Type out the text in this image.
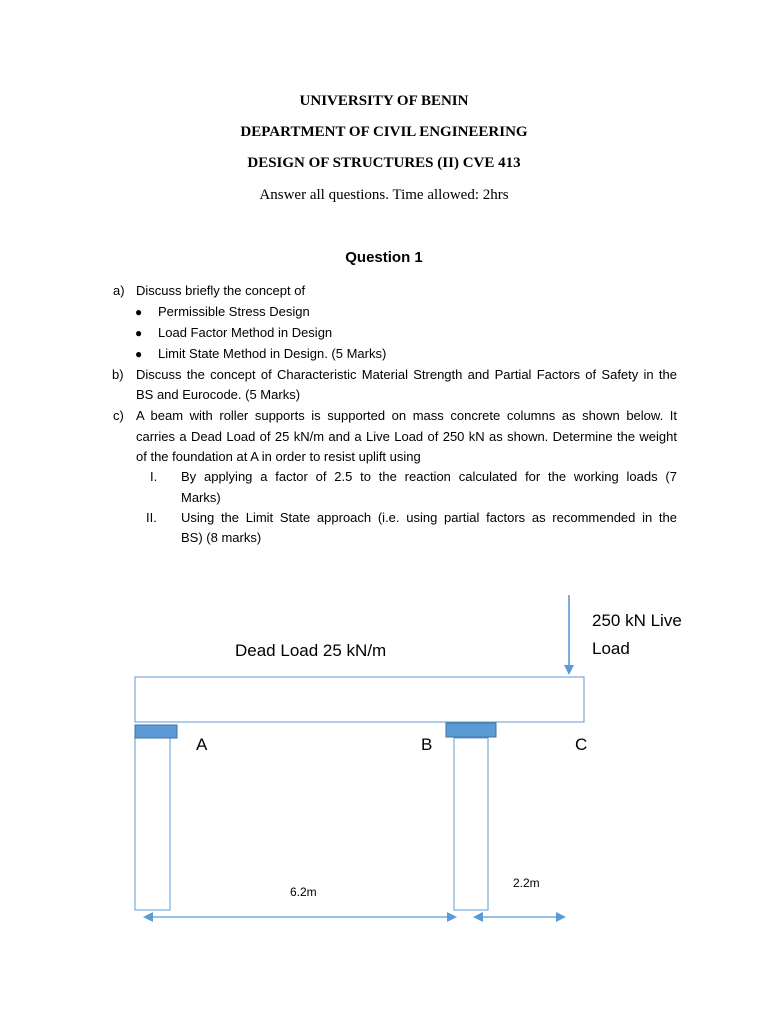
UNIVERSITY OF BENIN
DEPARTMENT OF CIVIL ENGINEERING
DESIGN OF STRUCTURES (II) CVE 413
Answer all questions. Time allowed: 2hrs
Question 1
a) Discuss briefly the concept of
● Permissible Stress Design
● Load Factor Method in Design
● Limit State Method in Design. (5 Marks)
b) Discuss the concept of Characteristic Material Strength and Partial Factors of Safety in the
BS and Eurocode. (5 Marks)
c) A beam with roller supports is supported on mass concrete columns as shown below. It
carries a Dead Load of 25 kN/m and a Live Load of 250 kN as shown. Determine the weight
of the foundation at A in order to resist uplift using
I. By applying a factor of 2.5 to the reaction calculated for the working loads (7
Marks)
II. Using the Limit State approach (i.e. using partial factors as recommended in the
BS) (8 marks)
Dead Load 25 kN/m
250 kN Live
Load
A	B	C
6.2m
2.2m
